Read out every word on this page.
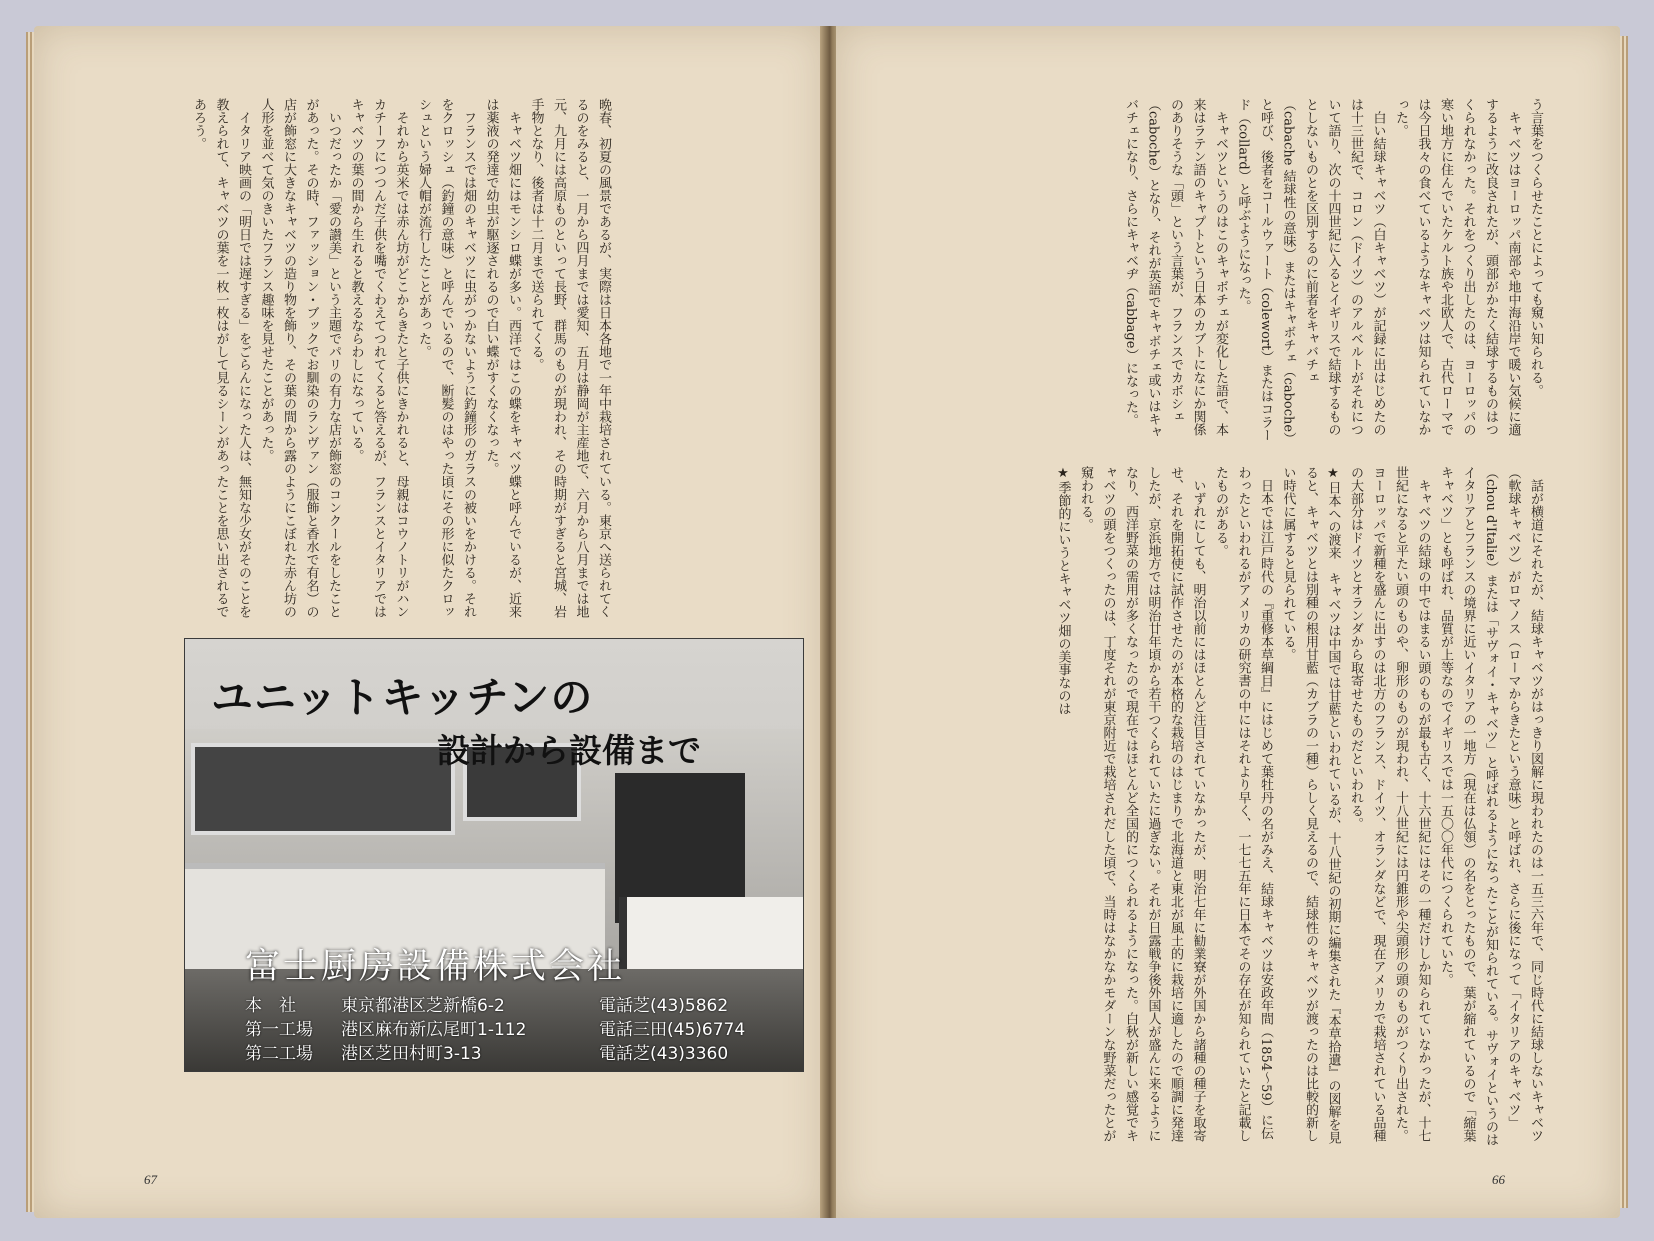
晩春、初夏の風景であるが、実際は日本各地で一年中栽培されている。東京へ送られてくるのをみると、一月から四月までは愛知、五月は静岡が主産地で、六月から八月までは地元、九月には高原ものといって長野、群馬のものが現われ、その時期がすぎると宮城、岩手物となり、後者は十二月まで送られてくる。
　キャベツ畑にはモンシロ蝶が多い。西洋ではこの蝶をキャベツ蝶と呼んでいるが、近来は薬液の発達で幼虫が駆逐されるので白い蝶がすくなくなった。
　フランスでは畑のキャベツに虫がつかないように釣鐘形のガラスの被いをかける。それをクロッシュ（釣鐘の意味）と呼んでいるので、断髪のはやった頃にその形に似たクロッシュという婦人帽が流行したことがあった。
　それから英米では赤ん坊がどこからきたと子供にきかれると、母親はコウノトリがハンカチーフにつつんだ子供を嘴でくわえてつれてくると答えるが、フランスとイタリアではキャベツの葉の間から生れると教えるならわしになっている。
　いつだったか「愛の讃美」という主題でパリの有力な店が飾窓のコンクールをしたことがあった。その時、ファッション・ブックでお馴染のランヴァン（服飾と香水で有名）の店が飾窓に大きなキャベツの造り物を飾り、その葉の間から露のようにこぼれた赤ん坊の人形を並べて気のきいたフランス趣味を見せたことがあった。
　イタリア映画の「明日では遅すぎる」をごらんになった人は、無知な少女がそのことを教えられて、キャベツの葉を一枚一枚はがして見るシーンがあったことを思い出されるであろう。
ユニットキッチンの
設計から設備まで
富士厨房設備株式会社
本　社	東京都港区芝新橋6-2	電話芝(43)5862
第一工場 港区麻布新広尾町1-112	電話三田(45)6774
第二工場 港区芝田村町3-13	電話芝(43)3360
67
う言葉をつくらせたことによっても窺い知られる。
　キャベツはヨーロッパ南部や地中海沿岸で暖い気候に適するように改良されたが、頭部がかたく結球するものはつくられなかった。それをつくり出したのは、ヨーロッパの寒い地方に住んでいたケルト族や北欧人で、古代ローマでは今日我々の食べているようなキャベツは知られていなかった。
　白い結球キャベツ（白キャベツ）が記録に出はじめたのは十三世紀で、コロン（ドイツ）のアルベルトがそれについて語り、次の十四世紀に入るとイギリスで結球するものとしないものとを区別するのに前者をキャバチェ（cabache 結球性の意味）またはキャボチェ（caboche）と呼び、後者をコールウァート（colewort）またはコラード（collard）と呼ぶようになった。
　キャベツというのはこのキャボチェが変化した語で、本来はラテン語のキャプトという日本のカブトになにか関係のありそうな「頭」という言葉が、フランスでカボシェ（caboche）となり、それが英語でキャボチェ或いはキャバチェになり、さらにキャベヂ（cabbage）になった。
　話が横道にそれたが、結球キャベツがはっきり図解に現われたのは一五三六年で、同じ時代に結球しないキャベツ（軟球キャベツ）がロマノス（ローマからきたという意味）と呼ばれ、さらに後になって「イタリアのキャベツ」（chou d'Italie）または「サヴォイ・キャベツ」と呼ばれるようになったことが知られている。サヴォイというのはイタリアとフランスの境界に近いイタリアの一地方（現在は仏領）の名をとったもので、葉が縮れているので「縮葉キャベツ」とも呼ばれ、品質が上等なのでイギリスでは一五〇〇年代につくられていた。
　キャベツの結球の中ではまるい頭のものが最も古く、十六世紀にはその一種だけしか知られていなかったが、十七世紀になると平たい頭のものや、卵形のものが現われ、十八世紀には円錐形や尖頭形の頭のものがつくり出された。ヨーロッパで新種を盛んに出すのは北方のフランス、ドイツ、オランダなどで、現在アメリカで栽培されている品種の大部分はドイツとオランダから取寄せたものだといわれる。
★日本への渡来　キャベツは中国では甘藍といわれているが、十八世紀の初期に編集された『本草拾遺』の図解を見ると、キャベツとは別種の根用甘藍（カブラの一種）らしく見えるので、結球性のキャベツが渡ったのは比較的新しい時代に属すると見られている。
　日本では江戸時代の『重修本草綱目』にはじめて葉牡丹の名がみえ、結球キャベツは安政年間（1854〜59）に伝わったといわれるがアメリカの研究書の中にはそれより早く、一七七五年に日本でその存在が知られていたと記載したものがある。
　いずれにしても、明治以前にはほとんど注目されていなかったが、明治七年に勧業寮が外国から諸種の種子を取寄せ、それを開拓使に試作させたのが本格的な栽培のはじまりで北海道と東北が風土的に栽培に適したので順調に発達したが、京浜地方では明治廿年頃から若干つくられていたに過ぎない。それが日露戦争後外国人が盛んに来るようになり、西洋野菜の需用が多くなったので現在ではほとんど全国的につくられるようになった。白秋が新しい感覚でキャベツの頭をつくったのは、丁度それが東京附近で栽培されだした頃で、当時はなかなかモダーンな野菜だったとが窺われる。
★季節的にいうとキャベツ畑の美事なのは
66
